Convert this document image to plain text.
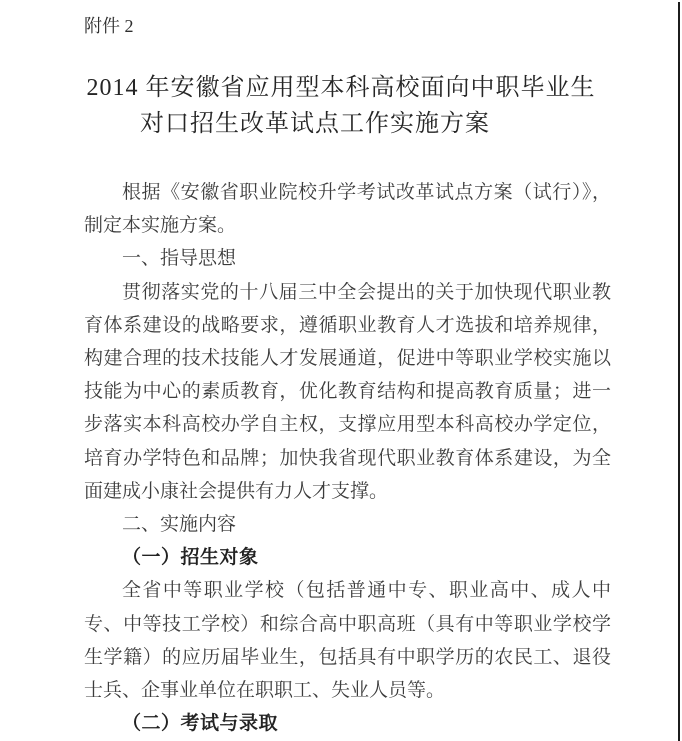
附件 2

2014 年安徽省应用型本科高校面向中职毕业生
对口招生改革试点工作实施方案

根据《安徽省职业院校升学考试改革试点方案（试行）》，制定本实施方案。

一、指导思想

贯彻落实党的十八届三中全会提出的关于加快现代职业教育体系建设的战略要求，遵循职业教育人才选拔和培养规律，构建合理的技术技能人才发展通道，促进中等职业学校实施以技能为中心的素质教育，优化教育结构和提高教育质量；进一步落实本科高校办学自主权，支撑应用型本科高校办学定位，培育办学特色和品牌；加快我省现代职业教育体系建设，为全面建成小康社会提供有力人才支撑。

二、实施内容

（一）招生对象

全省中等职业学校（包括普通中专、职业高中、成人中专、中等技工学校）和综合高中职高班（具有中等职业学校学生学籍）的应历届毕业生，包括具有中职学历的农民工、退役士兵、企事业单位在职职工、失业人员等。

（二）考试与录取
